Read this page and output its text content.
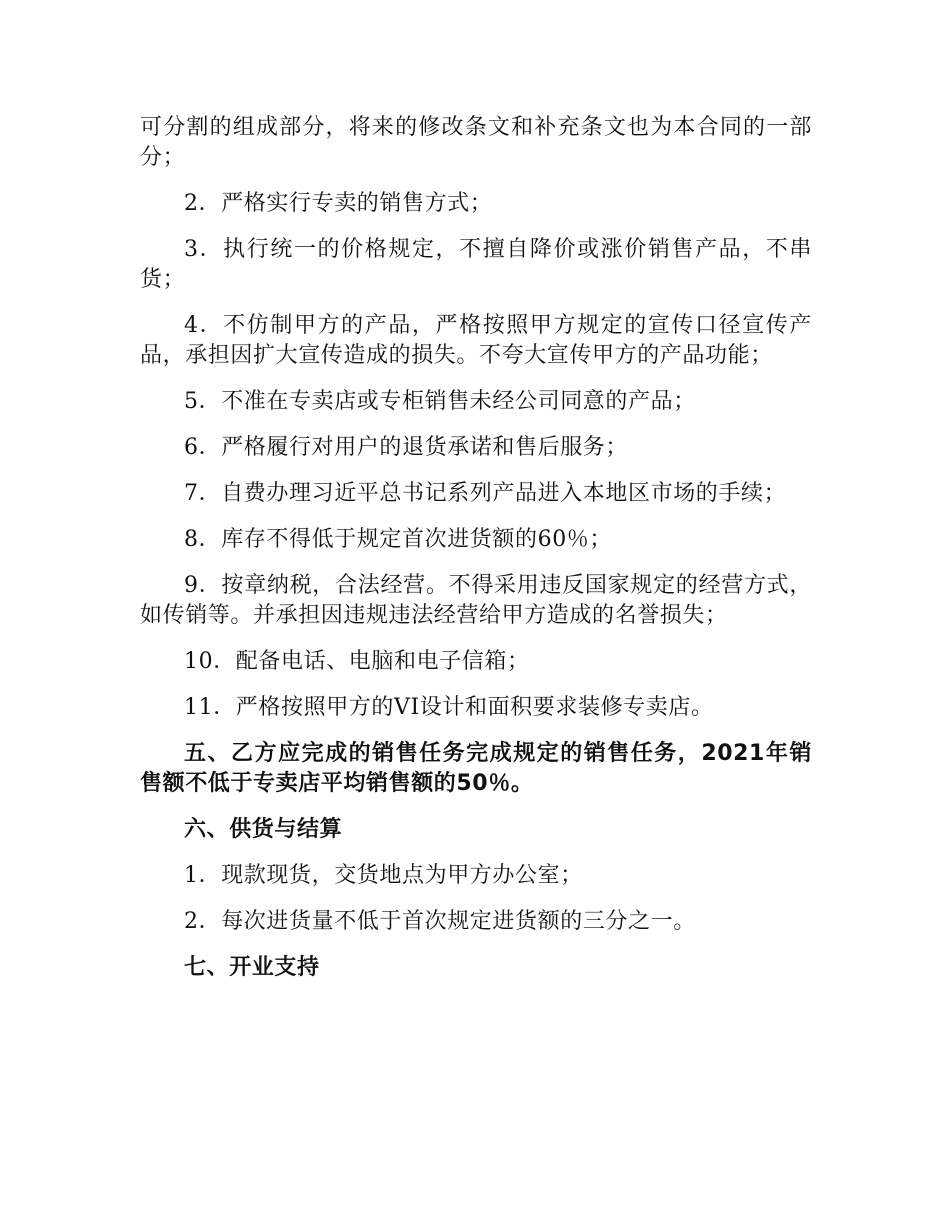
可分割的组成部分，将来的修改条文和补充条文也为本合同的一部分；

2．严格实行专卖的销售方式；

3．执行统一的价格规定，不擅自降价或涨价销售产品，不串货；

4．不仿制甲方的产品，严格按照甲方规定的宣传口径宣传产品，承担因扩大宣传造成的损失。不夸大宣传甲方的产品功能；

5．不准在专卖店或专柜销售未经公司同意的产品；

6．严格履行对用户的退货承诺和售后服务；

7．自费办理习近平总书记系列产品进入本地区市场的手续；

8．库存不得低于规定首次进货额的60％；

9．按章纳税，合法经营。不得采用违反国家规定的经营方式，如传销等。并承担因违规违法经营给甲方造成的名誉损失；

10．配备电话、电脑和电子信箱；

11．严格按照甲方的VI设计和面积要求装修专卖店。

五、乙方应完成的销售任务完成规定的销售任务，2021年销售额不低于专卖店平均销售额的50％。

六、供货与结算

1．现款现货，交货地点为甲方办公室；

2．每次进货量不低于首次规定进货额的三分之一。

七、开业支持
